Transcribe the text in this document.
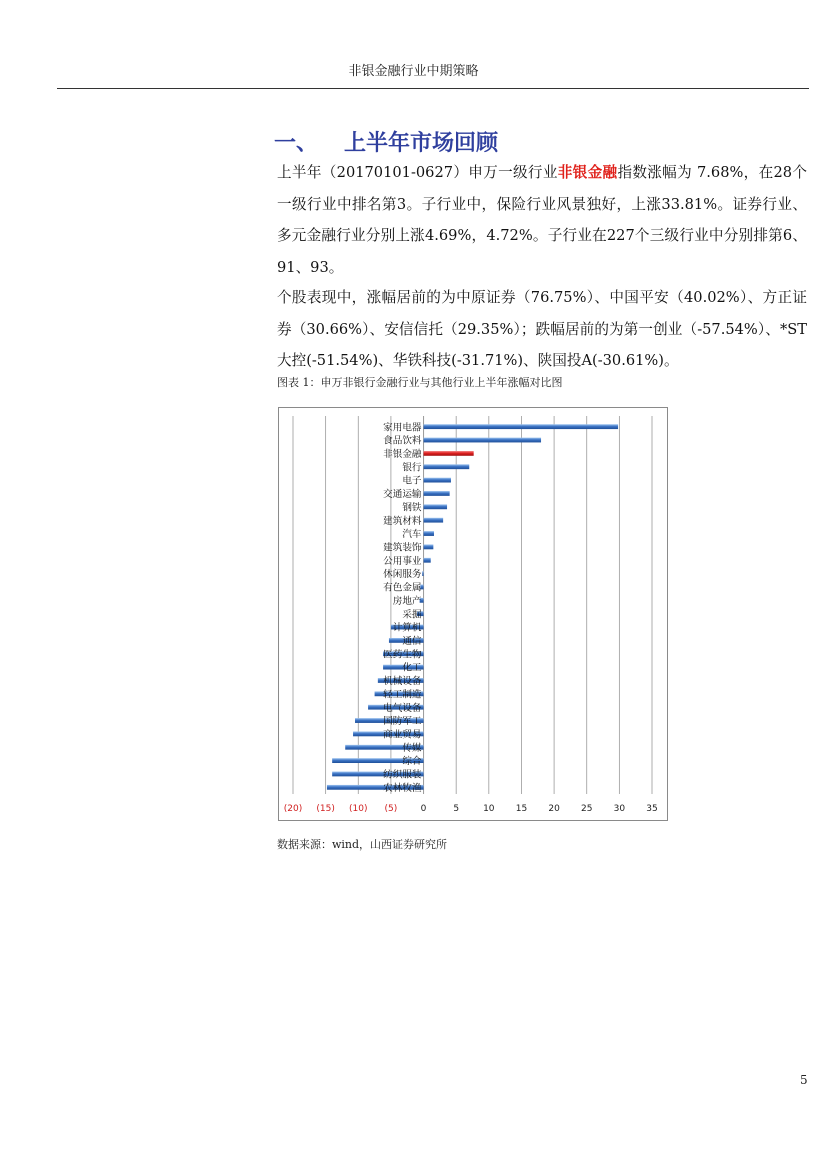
非银金融行业中期策略
一、 上半年市场回顾
上半年（20170101-0627）申万一级行业非银金融指数涨幅为 7.68%，在28个一级行业中排名第3。子行业中，保险行业风景独好，上涨33.81%。证券行业、多元金融行业分别上涨4.69%，4.72%。子行业在227个三级行业中分别排第6、91、93。
个股表现中，涨幅居前的为中原证券（76.75%）、中国平安（40.02%）、方正证券（30.66%）、安信信托（29.35%）；跌幅居前的为第一创业（-57.54%）、*ST大控(-51.54%)、华铁科技(-31.71%)、陕国投A(-30.61%)。
图表 1：申万非银行金融行业与其他行业上半年涨幅对比图
家用电器
食品饮料
非银金融
银行
电子
交通运输
钢铁
建筑材料
汽车
建筑装饰
公用事业
休闲服务
有色金属
房地产
采掘
计算机
通信
医药生物
化工
机械设备
轻工制造
电气设备
国防军工
商业贸易
传媒
综合
纺织服装
农林牧渔
(20) (15) (10) (5)	0	5	10 15 20 25 30 35
数据来源：wind，山西证券研究所
5
